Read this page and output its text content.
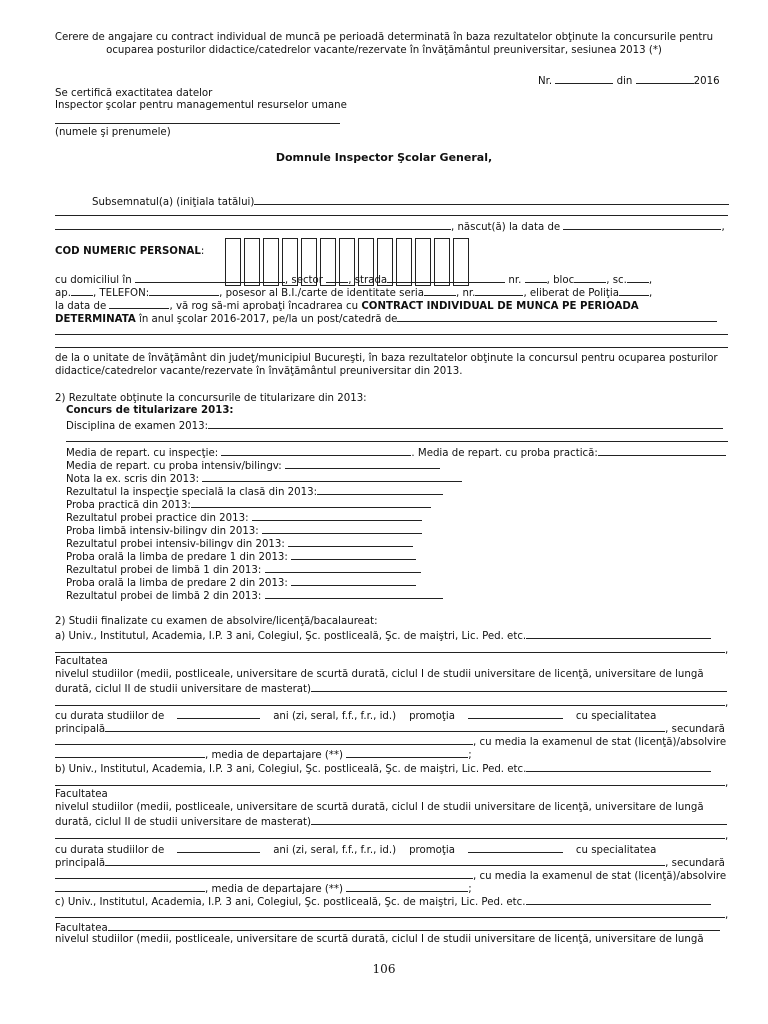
Cerere de angajare cu contract individual de muncă pe perioadă determinată în baza rezultatelor obţinute la concursurile pentru
ocuparea posturilor didactice/catedrelor vacante/rezervate în învăţământul preuniversitar, sesiunea 2013 (*)
Nr.	din	2016
Se certifică exactitatea datelor
Inspector şcolar pentru managementul resurselor umane
(numele şi prenumele)
Domnule Inspector Şcolar General,
Subsemnatul(a) (iniţiala tatălui)
, născut(ă) la data de	,
COD NUMERIC PERSONAL:
cu domiciliul în	, sector , strada	nr. , bloc	, sc. ,
ap. , TELEFON:	, posesor al B.I./carte de identitate seria	, nr.	, eliberat de Poliţia	,
la data de	, vă rog să-mi aprobaţi încadrarea cu CONTRACT INDIVIDUAL DE MUNCA PE PERIOADA
DETERMINATA în anul şcolar 2016-2017, pe/la un post/catedră de
de la o unitate de învăţământ din judeţ/municipiul Bucureşti, în baza rezultatelor obţinute la concursul pentru ocuparea posturilor
didactice/catedrelor vacante/rezervate în învăţământul preuniversitar din 2013.
2) Rezultate obţinute la concursurile de titularizare din 2013:
Concurs de titularizare 2013:
Disciplina de examen 2013:
Media de repart. cu inspecţie:	. Media de repart. cu proba practică:
Media de repart. cu proba intensiv/bilingv:
Nota la ex. scris din 2013:
Rezultatul la inspecţie specială la clasă din 2013:
Proba practică din 2013:
Rezultatul probei practice din 2013:
Proba limbă intensiv-bilingv din 2013:
Rezultatul probei intensiv-bilingv din 2013:
Proba orală la limba de predare 1 din 2013:
Rezultatul probei de limbă 1 din 2013:
Proba orală la limba de predare 2 din 2013:
Rezultatul probei de limbă 2 din 2013:
2) Studii finalizate cu examen de absolvire/licenţă/bacalaureat:
a) Univ., Institutul, Academia, I.P. 3 ani, Colegiul, Şc. postliceală, Şc. de maiştri, Lic. Ped. etc.
,
Facultatea
nivelul studiilor (medii, postliceale, universitare de scurtă durată, ciclul I de studii universitare de licenţă, universitare de lungă
durată, ciclul II de studii universitare de masterat)
,
cu durata studiilor de	ani (zi, seral, f.f., f.r., id.) promoţia	cu specialitatea
principală	, secundară
, cu media la examenul de stat (licenţă)/absolvire
, media de departajare (**)	;
b) Univ., Institutul, Academia, I.P. 3 ani, Colegiul, Şc. postliceală, Şc. de maiştri, Lic. Ped. etc.
,
Facultatea
nivelul studiilor (medii, postliceale, universitare de scurtă durată, ciclul I de studii universitare de licenţă, universitare de lungă
durată, ciclul II de studii universitare de masterat)
,
cu durata studiilor de	ani (zi, seral, f.f., f.r., id.) promoţia	cu specialitatea
principală	, secundară
, cu media la examenul de stat (licenţă)/absolvire
, media de departajare (**)	;
c) Univ., Institutul, Academia, I.P. 3 ani, Colegiul, Şc. postliceală, Şc. de maiştri, Lic. Ped. etc.
,
Facultatea
nivelul studiilor (medii, postliceale, universitare de scurtă durată, ciclul I de studii universitare de licenţă, universitare de lungă
106
